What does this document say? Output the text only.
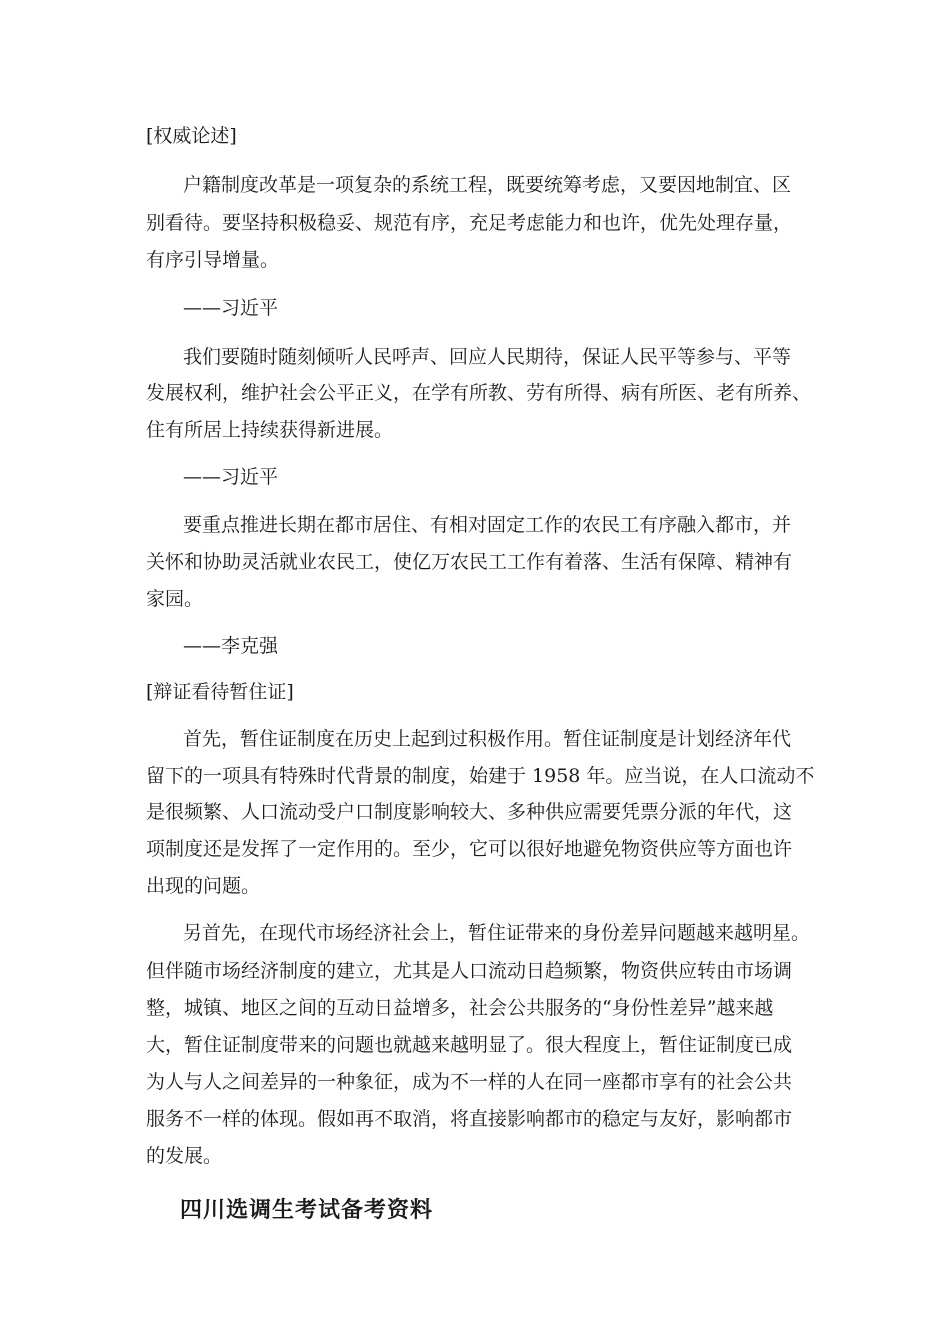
[权威论述]
户籍制度改革是一项复杂的系统工程，既要统筹考虑，又要因地制宜、区
别看待。要坚持积极稳妥、规范有序，充足考虑能力和也许，优先处理存量，
有序引导增量。
——习近平
我们要随时随刻倾听人民呼声、回应人民期待，保证人民平等参与、平等
发展权利，维护社会公平正义，在学有所教、劳有所得、病有所医、老有所养、
住有所居上持续获得新进展。
——习近平
要重点推进长期在都市居住、有相对固定工作的农民工有序融入都市，并
关怀和协助灵活就业农民工，使亿万农民工工作有着落、生活有保障、精神有
家园。
——李克强
[辩证看待暂住证]
首先，暂住证制度在历史上起到过积极作用。暂住证制度是计划经济年代
留下的一项具有特殊时代背景的制度，始建于 1958 年。应当说，在人口流动不
是很频繁、人口流动受户口制度影响较大、多种供应需要凭票分派的年代，这
项制度还是发挥了一定作用的。至少，它可以很好地避免物资供应等方面也许
出现的问题。
另首先，在现代市场经济社会上，暂住证带来的身份差异问题越来越明星。
但伴随市场经济制度的建立，尤其是人口流动日趋频繁，物资供应转由市场调
整，城镇、地区之间的互动日益增多，社会公共服务的“身份性差异”越来越
大，暂住证制度带来的问题也就越来越明显了。很大程度上，暂住证制度已成
为人与人之间差异的一种象征，成为不一样的人在同一座都市享有的社会公共
服务不一样的体现。假如再不取消，将直接影响都市的稳定与友好，影响都市
的发展。
四川选调生考试备考资料
